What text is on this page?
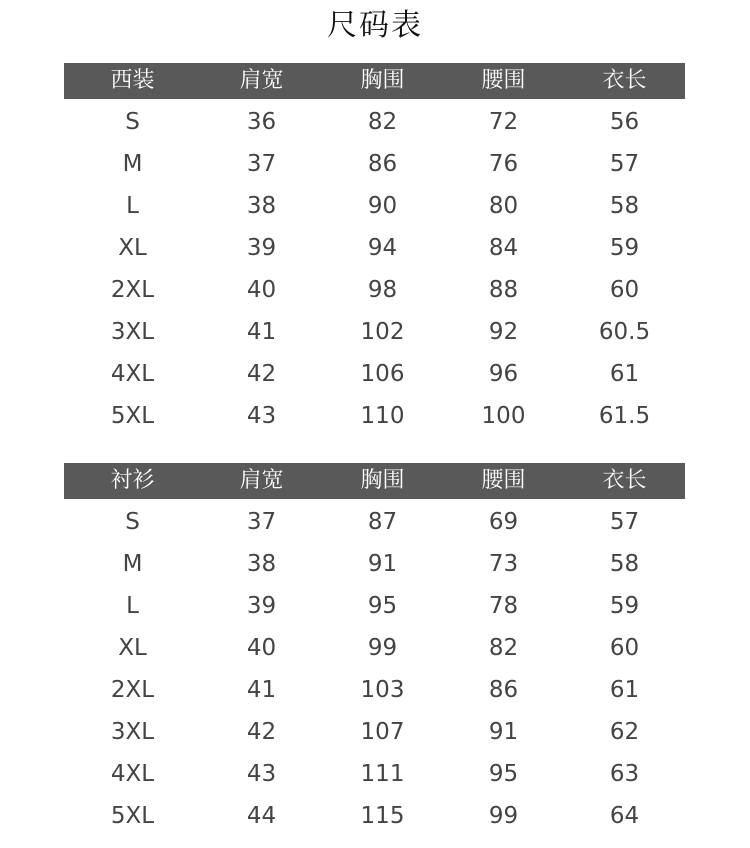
尺码表
西装	肩宽	胸围	腰围	衣长
S	36	82	72	56
M	37	86	76	57
L	38	90	80	58
XL	39	94	84	59
2XL	40	98	88	60
3XL	41	102	92	60.5
4XL	42	106	96	61
5XL	43	110	100	61.5
衬衫	肩宽	胸围	腰围	衣长
S	37	87	69	57
M	38	91	73	58
L	39	95	78	59
XL	40	99	82	60
2XL	41	103	86	61
3XL	42	107	91	62
4XL	43	111	95	63
5XL	44	115	99	64
